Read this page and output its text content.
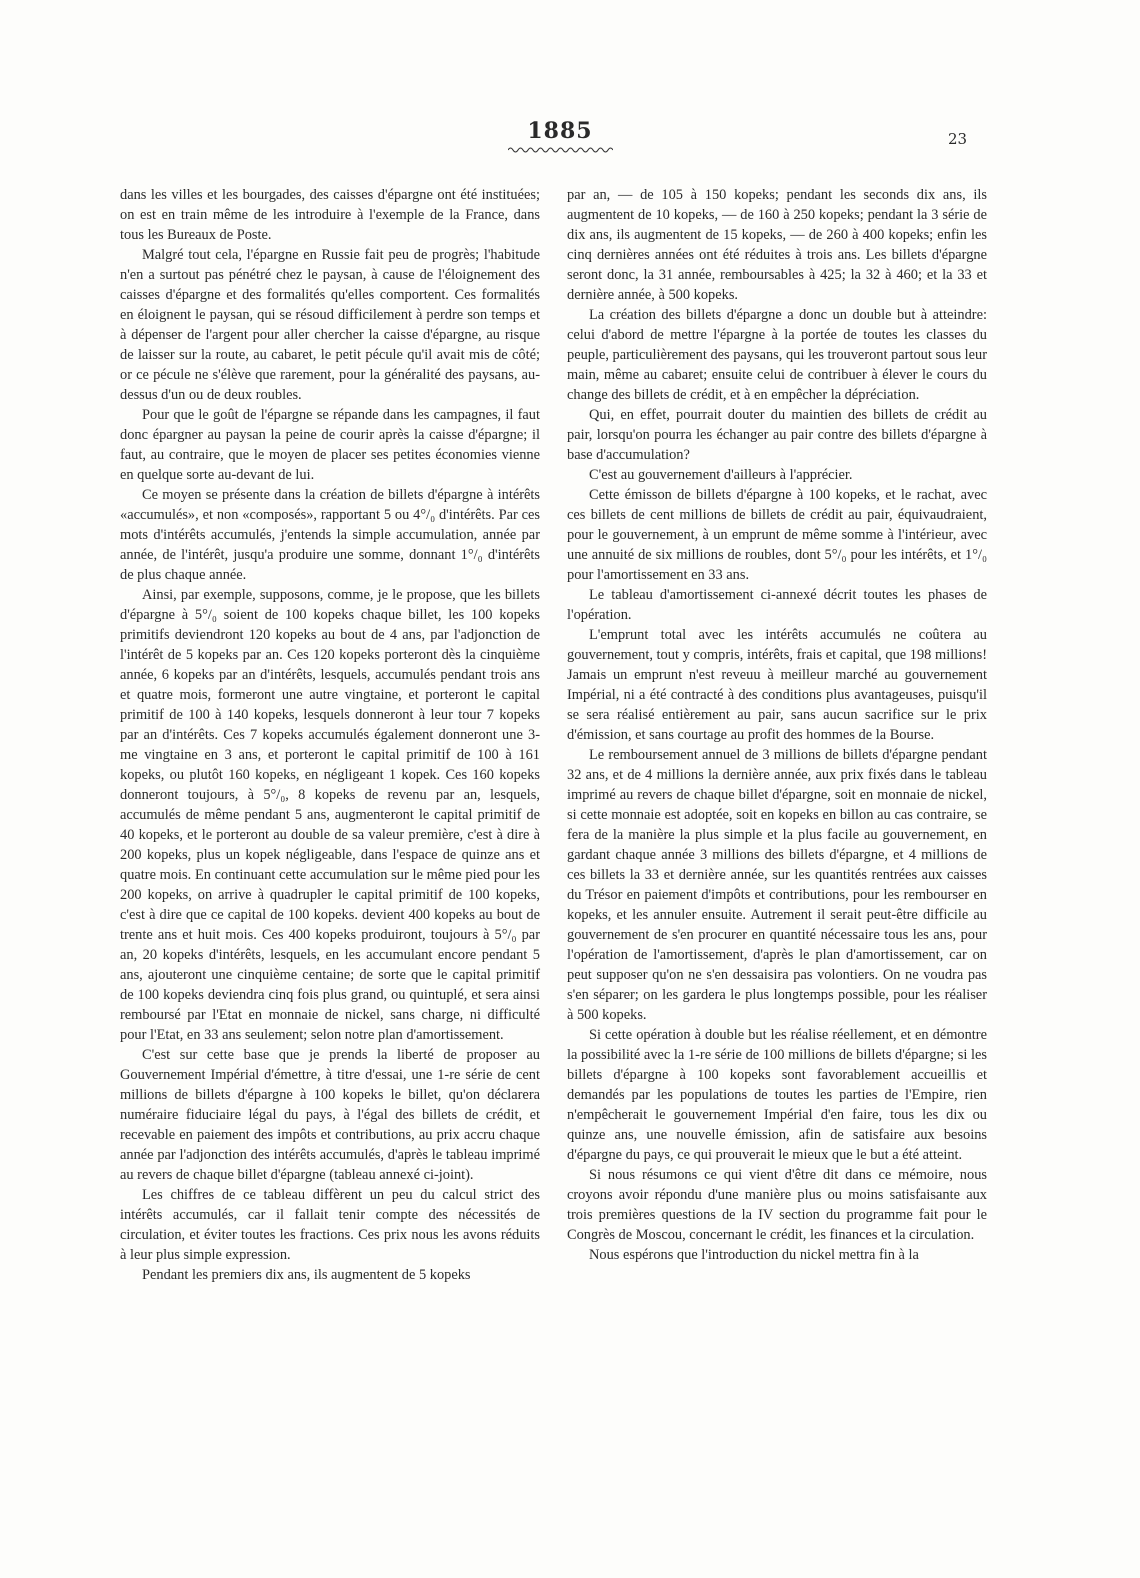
1885	23

dans les villes et les bourgades, des caisses d'épargne ont été instituées; on est en train même de les introduire à l'exemple de la France, dans tous les Bureaux de Poste.

Malgré tout cela, l'épargne en Russie fait peu de progrès; l'habitude n'en a surtout pas pénétré chez le paysan, à cause de l'éloignement des caisses d'épargne et des formalités qu'elles comportent. Ces formalités en éloignent le paysan, qui se résoud difficilement à perdre son temps et à dépenser de l'argent pour aller chercher la caisse d'épargne, au risque de laisser sur la route, au cabaret, le petit pécule qu'il avait mis de côté; or ce pécule ne s'élève que rarement, pour la généralité des paysans, au-dessus d'un ou de deux roubles.

Pour que le goût de l'épargne se répande dans les campagnes, il faut donc épargner au paysan la peine de courir après la caisse d'épargne; il faut, au contraire, que le moyen de placer ses petites économies vienne en quelque sorte au-devant de lui.

Ce moyen se présente dans la création de billets d'épargne à intérêts «accumulés», et non «composés», rapportant 5 ou 4°/₀ d'intérêts. Par ces mots d'intérêts accumulés, j'entends la simple accumulation, année par année, de l'intérêt, jusqu'a produire une somme, donnant 1°/₀ d'intérêts de plus chaque année.

Ainsi, par exemple, supposons, comme, je le propose, que les billets d'épargne à 5°/₀ soient de 100 kopeks chaque billet, les 100 kopeks primitifs deviendront 120 kopeks au bout de 4 ans, par l'adjonction de l'intérêt de 5 kopeks par an. Ces 120 kopeks porteront dès la cinquième année, 6 kopeks par an d'intérêts, lesquels, accumulés pendant trois ans et quatre mois, formeront une autre vingtaine, et porteront le capital primitif de 100 à 140 kopeks, lesquels donneront à leur tour 7 kopeks par an d'intérêts. Ces 7 kopeks accumulés également donneront une 3-me vingtaine en 3 ans, et porteront le capital primitif de 100 à 161 kopeks, ou plutôt 160 kopeks, en négligeant 1 kopek. Ces 160 kopeks donneront toujours, à 5°/₀, 8 kopeks de revenu par an, lesquels, accumulés de même pendant 5 ans, augmenteront le capital primitif de 40 kopeks, et le porteront au double de sa valeur première, c'est à dire à 200 kopeks, plus un kopek négligeable, dans l'espace de quinze ans et quatre mois. En continuant cette accumulation sur le même pied pour les 200 kopeks, on arrive à quadrupler le capital primitif de 100 kopeks, c'est à dire que ce capital de 100 kopeks. devient 400 kopeks au bout de trente ans et huit mois. Ces 400 kopeks produiront, toujours à 5°/₀ par an, 20 kopeks d'intérêts, lesquels, en les accumulant encore pendant 5 ans, ajouteront une cinquième centaine; de sorte que le capital primitif de 100 kopeks deviendra cinq fois plus grand, ou quintuplé, et sera ainsi remboursé par l'Etat en monnaie de nickel, sans charge, ni difficulté pour l'Etat, en 33 ans seulement; selon notre plan d'amortissement.

C'est sur cette base que je prends la liberté de proposer au Gouvernement Impérial d'émettre, à titre d'essai, une 1-re série de cent millions de billets d'épargne à 100 kopeks le billet, qu'on déclarera numéraire fiduciaire légal du pays, à l'égal des billets de crédit, et recevable en paiement des impôts et contributions, au prix accru chaque année par l'adjonction des intérêts accumulés, d'après le tableau imprimé au revers de chaque billet d'épargne (tableau annexé ci-joint).

Les chiffres de ce tableau diffèrent un peu du calcul strict des intérêts accumulés, car il fallait tenir compte des nécessités de circulation, et éviter toutes les fractions. Ces prix nous les avons réduits à leur plus simple expression.

Pendant les premiers dix ans, ils augmentent de 5 kopeks

par an, — de 105 à 150 kopeks; pendant les seconds dix ans, ils augmentent de 10 kopeks, — de 160 à 250 kopeks; pendant la 3 série de dix ans, ils augmentent de 15 kopeks, — de 260 à 400 kopeks; enfin les cinq dernières années ont été réduites à trois ans. Les billets d'épargne seront donc, la 31 année, remboursables à 425; la 32 à 460; et la 33 et dernière année, à 500 kopeks.

La création des billets d'épargne a donc un double but à atteindre: celui d'abord de mettre l'épargne à la portée de toutes les classes du peuple, particulièrement des paysans, qui les trouveront partout sous leur main, même au cabaret; ensuite celui de contribuer à élever le cours du change des billets de crédit, et à en empêcher la dépréciation.

Qui, en effet, pourrait douter du maintien des billets de crédit au pair, lorsqu'on pourra les échanger au pair contre des billets d'épargne à base d'accumulation?

C'est au gouvernement d'ailleurs à l'apprécier.

Cette émisson de billets d'épargne à 100 kopeks, et le rachat, avec ces billets de cent millions de billets de crédit au pair, équivaudraient, pour le gouvernement, à un emprunt de même somme à l'intérieur, avec une annuité de six millions de roubles, dont 5°/₀ pour les intérêts, et 1°/₀ pour l'amortissement en 33 ans.

Le tableau d'amortissement ci-annexé décrit toutes les phases de l'opération.

L'emprunt total avec les intérêts accumulés ne coûtera au gouvernement, tout y compris, intérêts, frais et capital, que 198 millions! Jamais un emprunt n'est reveuu à meilleur marché au gouvernement Impérial, ni a été contracté à des conditions plus avantageuses, puisqu'il se sera réalisé entièrement au pair, sans aucun sacrifice sur le prix d'émission, et sans courtage au profit des hommes de la Bourse.

Le remboursement annuel de 3 millions de billets d'épargne pendant 32 ans, et de 4 millions la dernière année, aux prix fixés dans le tableau imprimé au revers de chaque billet d'épargne, soit en monnaie de nickel, si cette monnaie est adoptée, soit en kopeks en billon au cas contraire, se fera de la manière la plus simple et la plus facile au gouvernement, en gardant chaque année 3 millions des billets d'épargne, et 4 millions de ces billets la 33 et dernière année, sur les quantités rentrées aux caisses du Trésor en paiement d'impôts et contributions, pour les rembourser en kopeks, et les annuler ensuite. Autrement il serait peut-être difficile au gouvernement de s'en procurer en quantité nécessaire tous les ans, pour l'opération de l'amortissement, d'après le plan d'amortissement, car on peut supposer qu'on ne s'en dessaisira pas volontiers. On ne voudra pas s'en séparer; on les gardera le plus longtemps possible, pour les réaliser à 500 kopeks.

Si cette opération à double but les réalise réellement, et en démontre la possibilité avec la 1-re série de 100 millions de billets d'épargne; si les billets d'épargne à 100 kopeks sont favorablement accueillis et demandés par les populations de toutes les parties de l'Empire, rien n'empêcherait le gouvernement Impérial d'en faire, tous les dix ou quinze ans, une nouvelle émission, afin de satisfaire aux besoins d'épargne du pays, ce qui prouverait le mieux que le but a été atteint.

Si nous résumons ce qui vient d'être dit dans ce mémoire, nous croyons avoir répondu d'une manière plus ou moins satisfaisante aux trois premières questions de la IV section du programme fait pour le Congrès de Moscou, concernant le crédit, les finances et la circulation.

Nous espérons que l'introduction du nickel mettra fin à la
